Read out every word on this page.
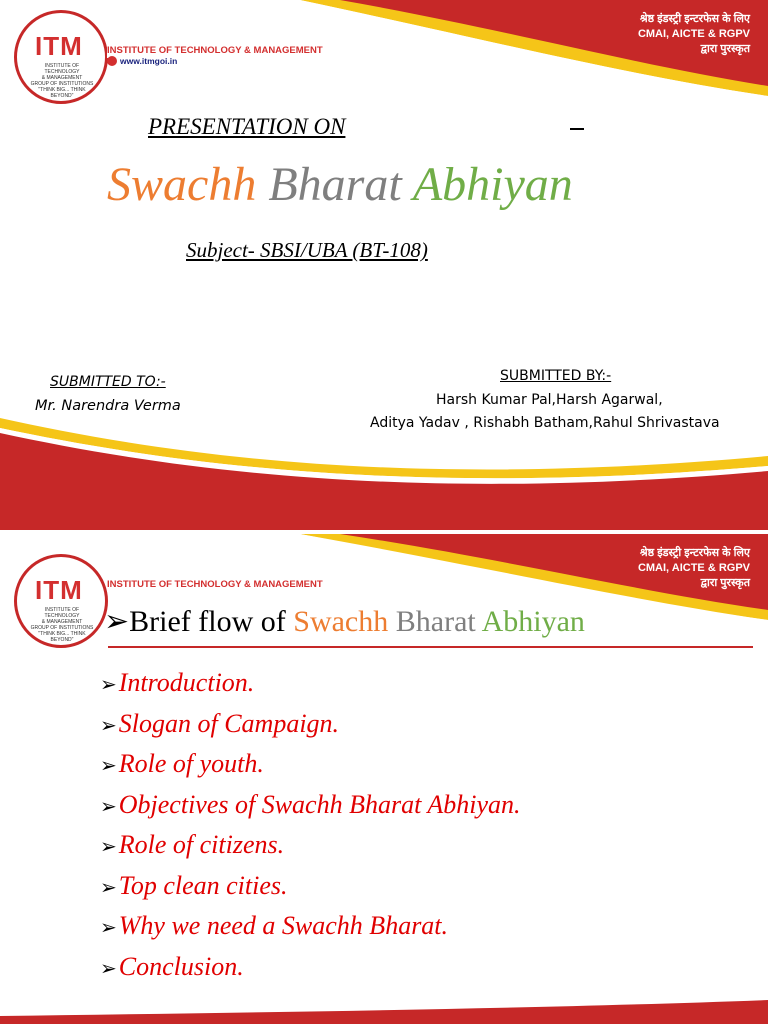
ITM
INSTITUTE OF TECHNOLOGY
& MANAGEMENT
GROUP OF INSTITUTIONS
"THINK BIG... THINK BEYOND"
INSTITUTE OF TECHNOLOGY & MANAGEMENT
www.itmgoi.in
श्रेष्ठ इंडस्ट्री इन्टरफेस के लिए
CMAI, AICTE & RGPV
द्वारा पुरस्कृत
PRESENTATION ON
Swachh Bharat Abhiyan
Subject- SBSI/UBA (BT-108)
SUBMITTED TO:-
Mr. Narendra Verma
SUBMITTED BY:-
Harsh Kumar Pal,Harsh Agarwal,
Aditya Yadav , Rishabh Batham,Rahul Shrivastava
ITM
INSTITUTE OF TECHNOLOGY
& MANAGEMENT
GROUP OF INSTITUTIONS
"THINK BIG... THINK BEYOND"
INSTITUTE OF TECHNOLOGY & MANAGEMENT
श्रेष्ठ इंडस्ट्री इन्टरफेस के लिए
CMAI, AICTE & RGPV
द्वारा पुरस्कृत
➢Brief flow of Swachh Bharat Abhiyan
➢Introduction.
➢Slogan of Campaign.
➢Role of youth.
➢Objectives of Swachh Bharat Abhiyan.
➢Role of citizens.
➢Top clean cities.
➢Why we need a Swachh Bharat.
➢Conclusion.
